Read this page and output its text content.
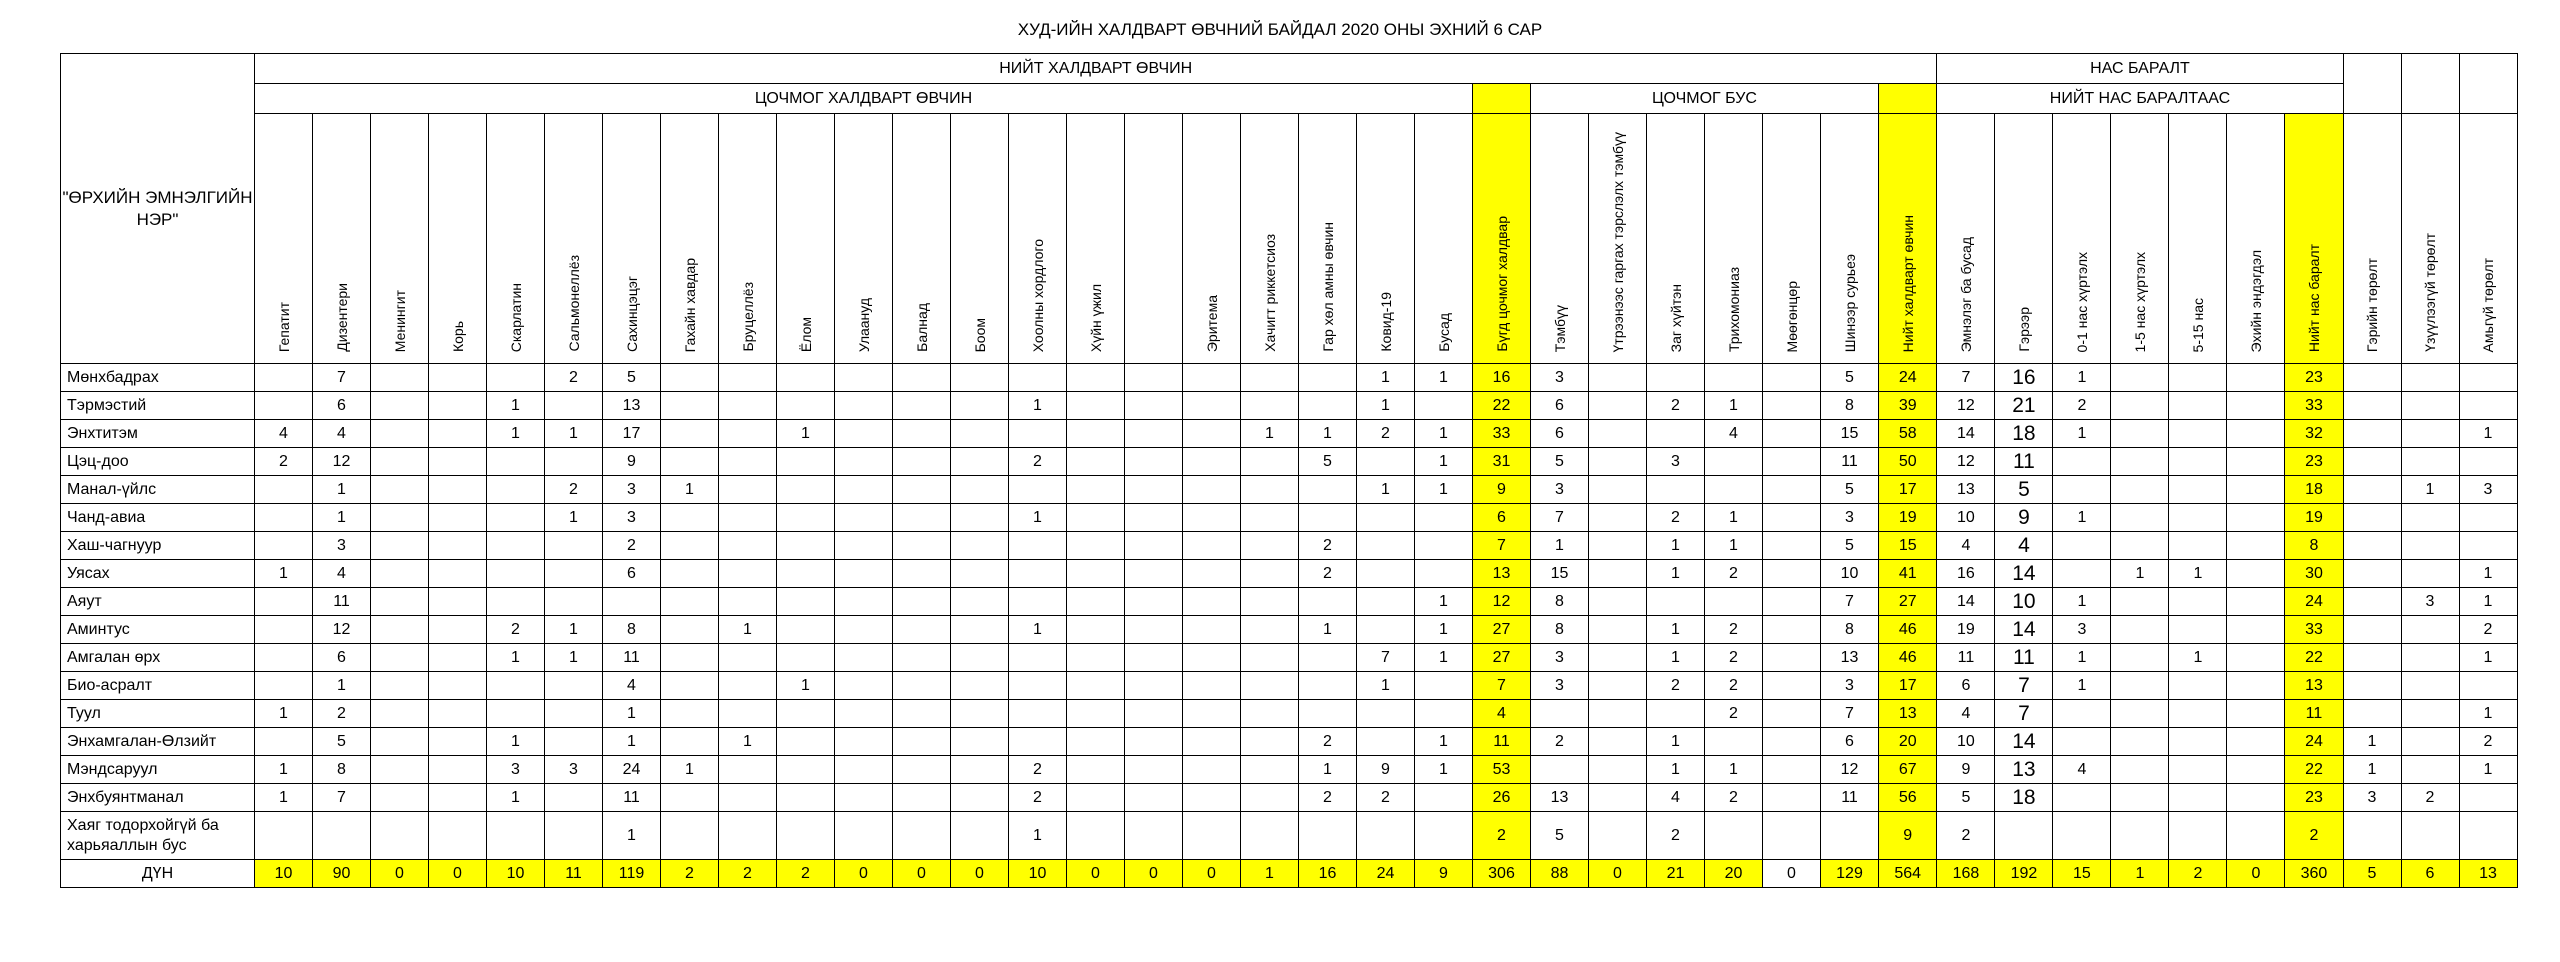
ХУД-ИЙН ХАЛДВАРТ ӨВЧНИЙ БАЙДАЛ 2020 ОНЫ ЭХНИЙ 6 САР
"ӨРХИЙН ЭМНЭЛГИЙН НЭР"	НИЙТ ХАЛДВАРТ ӨВЧИН																													НАС БАРАЛТ									
	ЦОЧМОГ ХАЛДВАРТ ӨВЧИН																						ЦОЧМОГ БУС							НИЙТ НАС БАРАЛТААС									
	Гепатит	Дизентери	Менингит	Корь	Скарлатин	Сальмонеллёз	Сахинцэцэг	Гахайн хавдар	Бруцеллёз	Ёлом	Улаануд	Балнад	Боом	Хоолны хордлого	Хүйн үжил		Эритема	Хачигт риккетсиоз	Гар хөл амны өвчин	Ковид-19	Бусад	Бүгд цочмог халдвар	Тэмбүү	Үтрээнээс гаргах тэрслэлх тэмбүү	Заг хүйтэн	Трихомониаз	Мөөгөнцөр	Шинээр сурьеэ	Нийт халдварт өвчин	Эмнэлэг ба бусад	Гэрээр	0-1 нас хүртэлх	1-5 нас хүртэлх	5-15 нас	Эхийн эндэгдэл	Нийт нас баралт	Гэрийн төрөлт	Үзүүлээгүй төрөлт	Амьгүй төрөлт
Мөнхбадрах		7				2	5													1	1	16	3					5	24	7	16	1				23			
Тэрмэстий		6			1		13							1						1		22	6		2	1		8	39	12	21	2				33			
Энхтитэм	4	4			1	1	17			1								1	1	2	1	33	6			4		15	58	14	18	1				32			1
Цэц-доо	2	12					9							2					5		1	31	5		3			11	50	12	11					23			
Манал-үйлс		1				2	3	1												1	1	9	3					5	17	13	5					18		1	3
Чанд-авиа		1				1	3							1								6	7		2	1		3	19	10	9	1				19			
Хаш-чагнуур		3					2												2			7	1		1	1		5	15	4	4					8			
Уясах	1	4					6												2			13	15		1	2		10	41	16	14		1	1		30			1
Аяут		11																			1	12	8					7	27	14	10	1				24		3	1
Аминтус		12			2	1	8		1					1					1		1	27	8		1	2		8	46	19	14	3				33			2
Амгалан өрх		6			1	1	11													7	1	27	3		1	2		13	46	11	11	1		1		22			1
Био-асралт		1					4			1										1		7	3		2	2		3	17	6	7	1				13			
Туул	1	2					1															4				2		7	13	4	7					11			1
Энхамгалан-Өлзийт		5			1		1		1										2		1	11	2		1			6	20	10	14					24	1		2
Мэндсаруул	1	8			3	3	24	1						2					1	9	1	53			1	1		12	67	9	13	4				22	1		1
Энхбуянтманал	1	7			1		11							2					2	2		26	13		4	2		11	56	5	18					23	3	2	
Хаяг тодорхойгүй ба харьяаллын бус							1							1								2	5		2				9	2						2			
ДҮН	10	90	0	0	10	11	119	2	2	2	0	0	0	10	0	0	0	1	16	24	9	306	88	0	21	20	0	129	564	168	192	15	1	2	0	360	5	6	13
